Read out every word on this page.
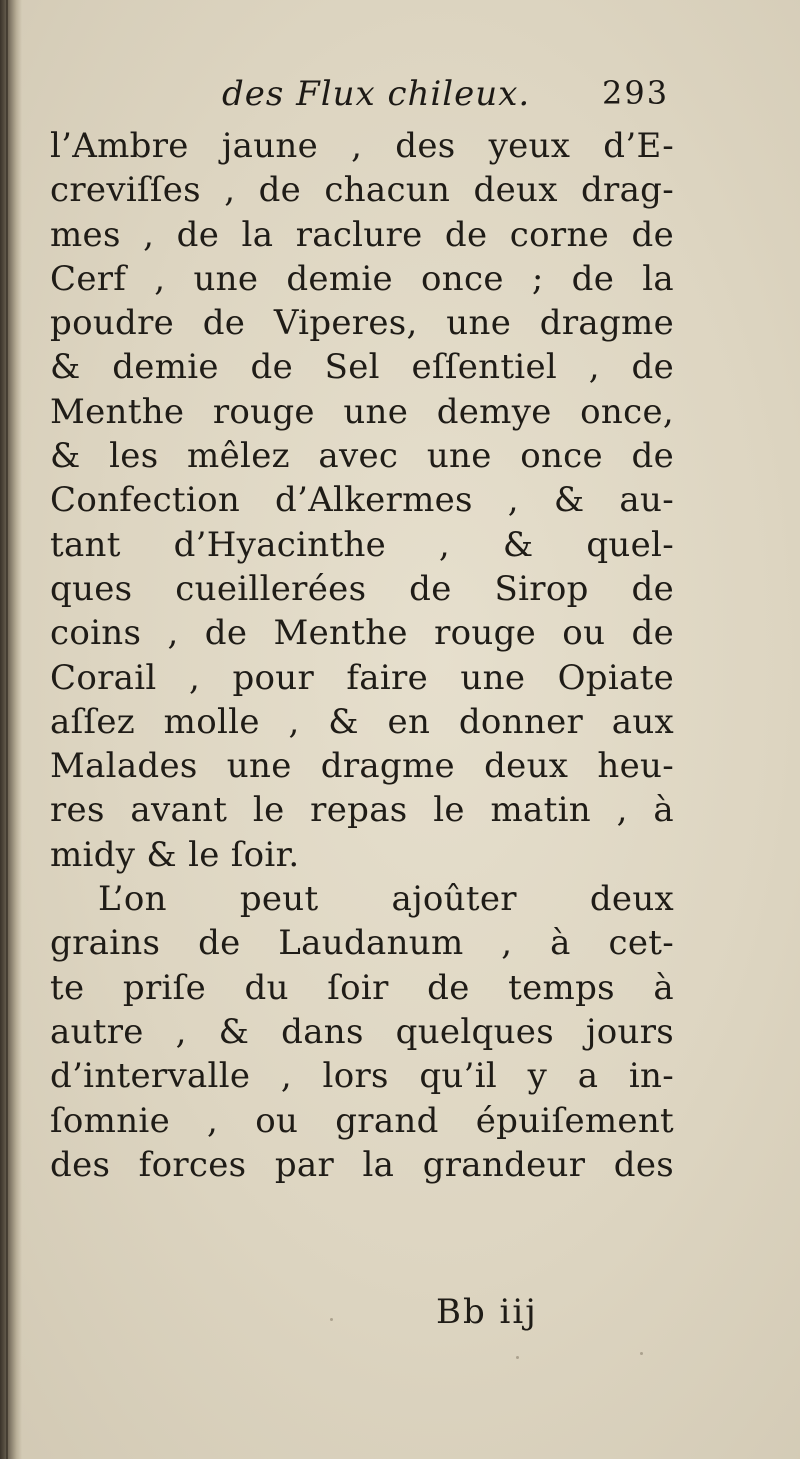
des Flux chileux. 293
l’Ambre jaune , des yeux d’E-
creviſſes , de chacun deux drag-
mes , de la raclure de corne de
Cerf , une demie once ; de la
poudre de Viperes, une dragme
& demie de Sel eſſentiel , de
Menthe rouge une demye once,
& les mêlez avec une once de
Confection d’Alkermes , & au-
tant d’Hyacinthe , & quel-
ques cueillerées de Sirop de
coins , de Menthe rouge ou de
Corail , pour faire une Opiate
aſſez molle , & en donner aux
Malades une dragme deux heu-
res avant le repas le matin , à
midy & le ſoir.
L’on peut ajoûter deux
grains de Laudanum , à cet-
te priſe du ſoir de temps à
autre , & dans quelques jours
d’intervalle , lors qu’il y a in-
ſomnie , ou grand épuiſement
des forces par la grandeur des
Bb iij
